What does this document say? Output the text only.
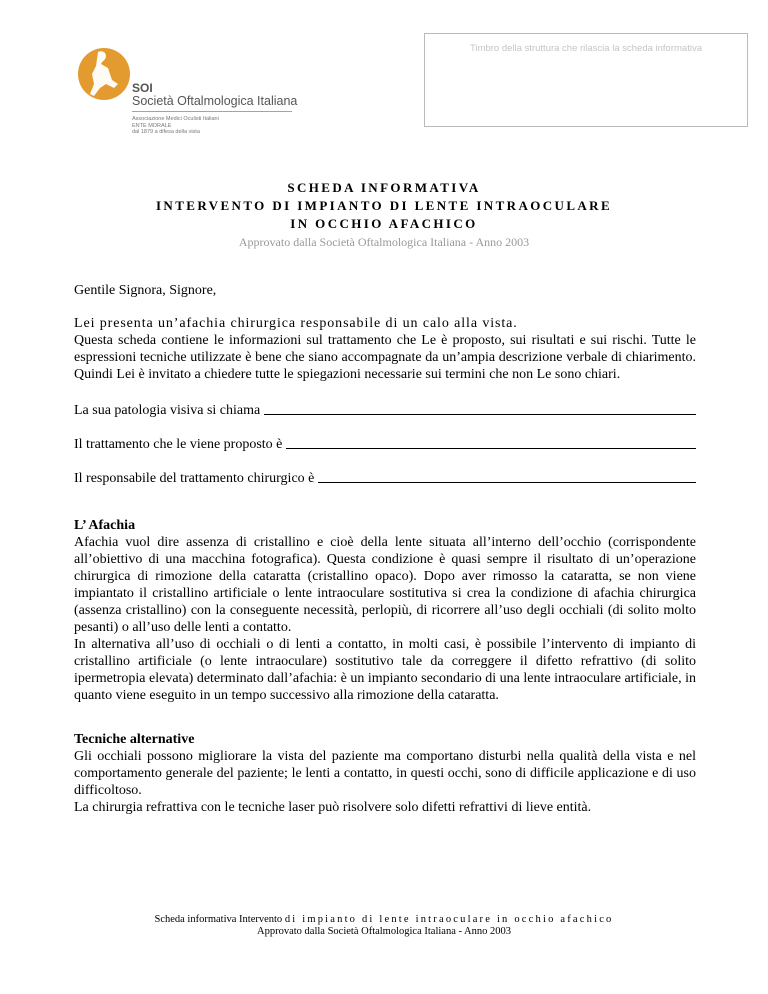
SOI
Società Oftalmologica Italiana
Associazione Medici Oculisti Italiani
ENTE MORALE
dal 1879 a difesa della vista
Timbro della struttura che rilascia la scheda informativa
SCHEDA INFORMATIVA
INTERVENTO DI IMPIANTO DI LENTE INTRAOCULARE
IN OCCHIO AFACHICO
Approvato dalla Società Oftalmologica Italiana - Anno 2003
Gentile Signora, Signore,
Lei presenta un’afachia chirurgica responsabile di un calo alla vista.
Questa scheda contiene le informazioni sul trattamento che Le è proposto, sui risultati e sui rischi. Tutte le espressioni tecniche utilizzate è bene che siano accompagnate da un’ampia descrizione verbale di chiarimento. Quindi Lei è invitato a chiedere tutte le spiegazioni necessarie sui termini che non Le sono chiari.
La sua patologia visiva si chiama
Il trattamento che le viene proposto è
Il responsabile del trattamento chirurgico è
L’ Afachia
Afachia vuol dire assenza di cristallino e cioè della lente situata all’interno dell’occhio (corrispondente all’obiettivo di una macchina fotografica). Questa condizione è quasi sempre il risultato di un’operazione chirurgica di rimozione della cataratta (cristallino opaco). Dopo aver rimosso la cataratta, se non viene impiantato il cristallino artificiale o lente intraoculare sostitutiva si crea la condizione di afachia chirurgica (assenza cristallino) con la conseguente necessità, perlopiù, di ricorrere all’uso degli occhiali (di solito molto pesanti) o all’uso delle lenti a contatto.
In alternativa all’uso di occhiali o di lenti a contatto, in molti casi, è possibile l’intervento di impianto di cristallino artificiale (o lente intraoculare) sostitutivo tale da correggere il difetto refrattivo (di solito ipermetropia elevata) determinato dall’afachia: è un impianto secondario di una lente intraoculare artificiale, in quanto viene eseguito in un tempo successivo alla rimozione della cataratta.
Tecniche alternative
Gli occhiali possono migliorare la vista del paziente ma comportano disturbi nella qualità della vista e nel comportamento generale del paziente; le lenti a contatto, in questi occhi, sono di difficile applicazione e di uso difficoltoso.
La chirurgia refrattiva con le tecniche laser può risolvere solo difetti refrattivi di lieve entità.
Scheda informativa Intervento di impianto di lente intraoculare in occhio afachico
Approvato dalla Società Oftalmologica Italiana - Anno 2003
